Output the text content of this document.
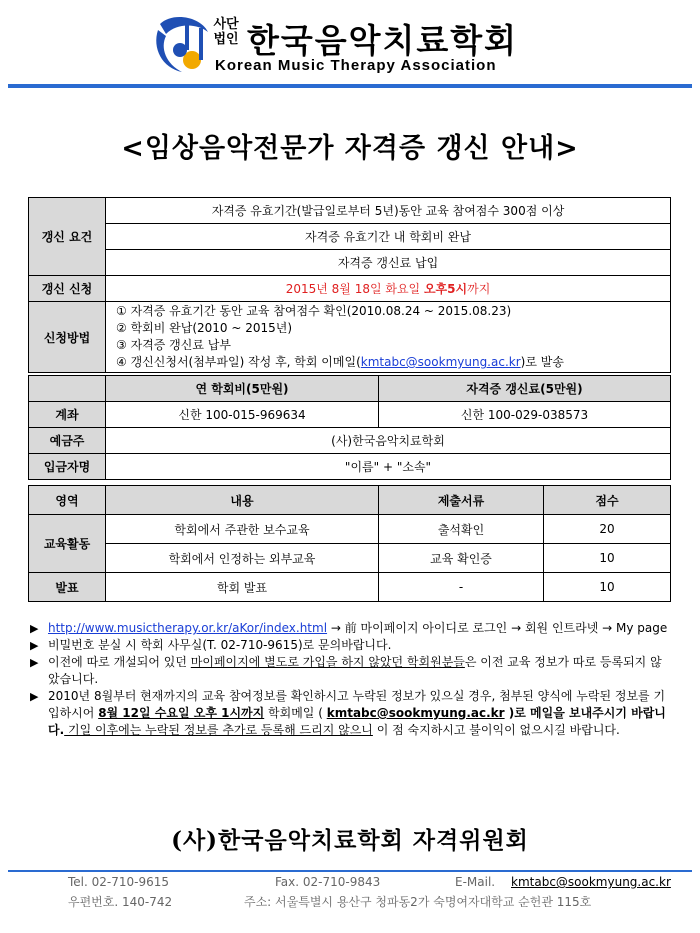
사단
법인 한국음악치료학회
Korean Music Therapy Association
<임상음악전문가 자격증 갱신 안내>
갱신 요건	자격증 유효기간(발급일로부터 5년)동안 교육 참여점수 300점 이상
	자격증 유효기간 내 학회비 완납
	자격증 갱신료 납입
갱신 신청	2015년 8월 18일 화요일 오후5시까지
신청방법	① 자격증 유효기간 동안 교육 참여점수 확인(2010.08.24 ~ 2015.08.23)
② 학회비 완납(2010 ~ 2015년)
③ 자격증 갱신료 납부
④ 갱신신청서(첨부파일) 작성 후, 학회 이메일(kmtabc@sookmyung.ac.kr)로 발송
	연 학회비(5만원)	자격증 갱신료(5만원)
계좌	신한 100-015-969634	신한 100-029-038573
예금주	(사)한국음악치료학회	
입금자명	"이름" + "소속"	
영역	내용	제출서류	점수
교육활동	학회에서 주관한 보수교육	출석확인	20
	학회에서 인정하는 외부교육	교육 확인증	10
발표	학회 발표	-	10
▶ http://www.musictherapy.or.kr/aKor/index.html → 前 마이페이지 아이디로 로그인 → 회원 인트라넷 → My page
▶ 비밀번호 분실 시 학회 사무실(T. 02-710-9615)로 문의바랍니다.
▶ 이전에 따로 개설되어 있던 마이페이지에 별도로 가입을 하지 않았던 학회원분들은 이전 교육 정보가 따로 등록되지 않았습니다.
▶ 2010년 8월부터 현재까지의 교육 참여정보를 확인하시고 누락된 정보가 있으실 경우, 첨부된 양식에 누락된 정보를 기입하시어 8월 12일 수요일 오후 1시까지 학회메일 ( kmtabc@sookmyung.ac.kr )로 메일을 보내주시기 바랍니다. 기일 이후에는 누락된 정보를 추가로 등록해 드리지 않으니 이 점 숙지하시고 불이익이 없으시길 바랍니다.
(사)한국음악치료학회 자격위원회
Tel. 02-710-9615	Fax. 02-710-9843	E-Mail. kmtabc@sookmyung.ac.kr
우편번호. 140-742	주소: 서울특별시 용산구 청파동2가 숙명여자대학교 순헌관 115호
